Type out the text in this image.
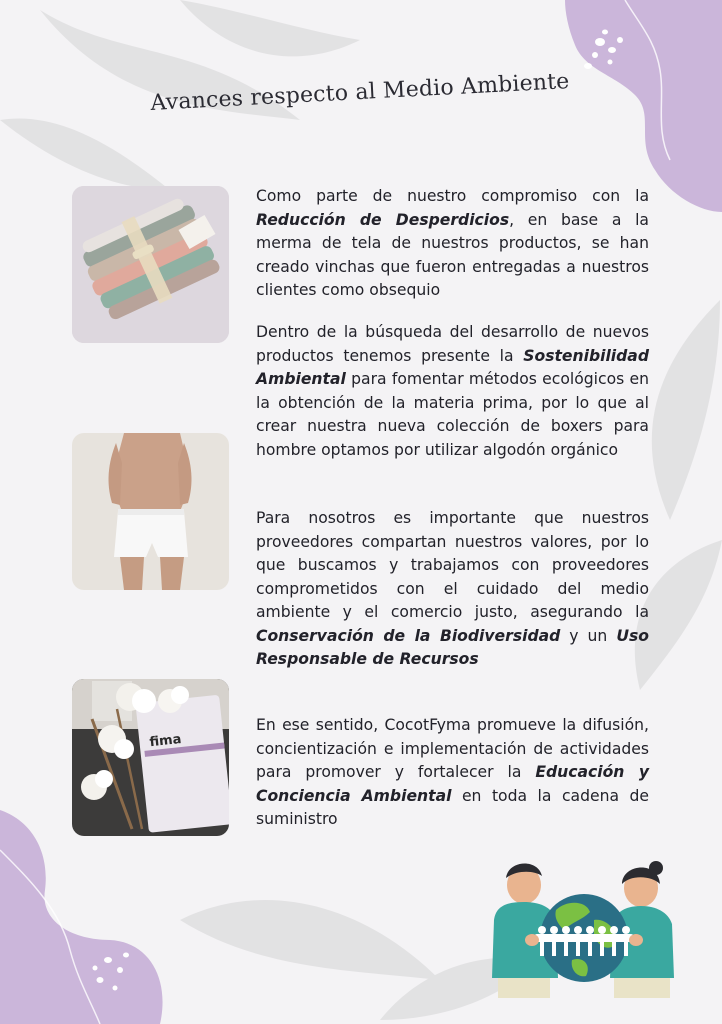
Avances respecto al Medio Ambiente
fima
Como parte de nuestro compromiso con la Reducción de Desperdicios, en base a la merma de tela de nuestros productos, se han creado vinchas que fueron entregadas a nuestros clientes como obsequio
Dentro de la búsqueda del desarrollo de nuevos productos tenemos presente la Sostenibilidad Ambiental para fomentar métodos ecológicos en la obtención de la materia prima, por lo que al crear nuestra nueva colección de boxers para hombre optamos por utilizar algodón orgánico
Para nosotros es importante que nuestros proveedores compartan nuestros valores, por lo que buscamos y trabajamos con proveedores comprometidos con el cuidado del medio ambiente y el comercio justo, asegurando la Conservación de la Biodiversidad y un Uso Responsable de Recursos
En ese sentido, CocotFyma promueve la difusión, concientización e implementación de actividades para promover y fortalecer la Educación y Conciencia Ambiental en toda la cadena de suministro
